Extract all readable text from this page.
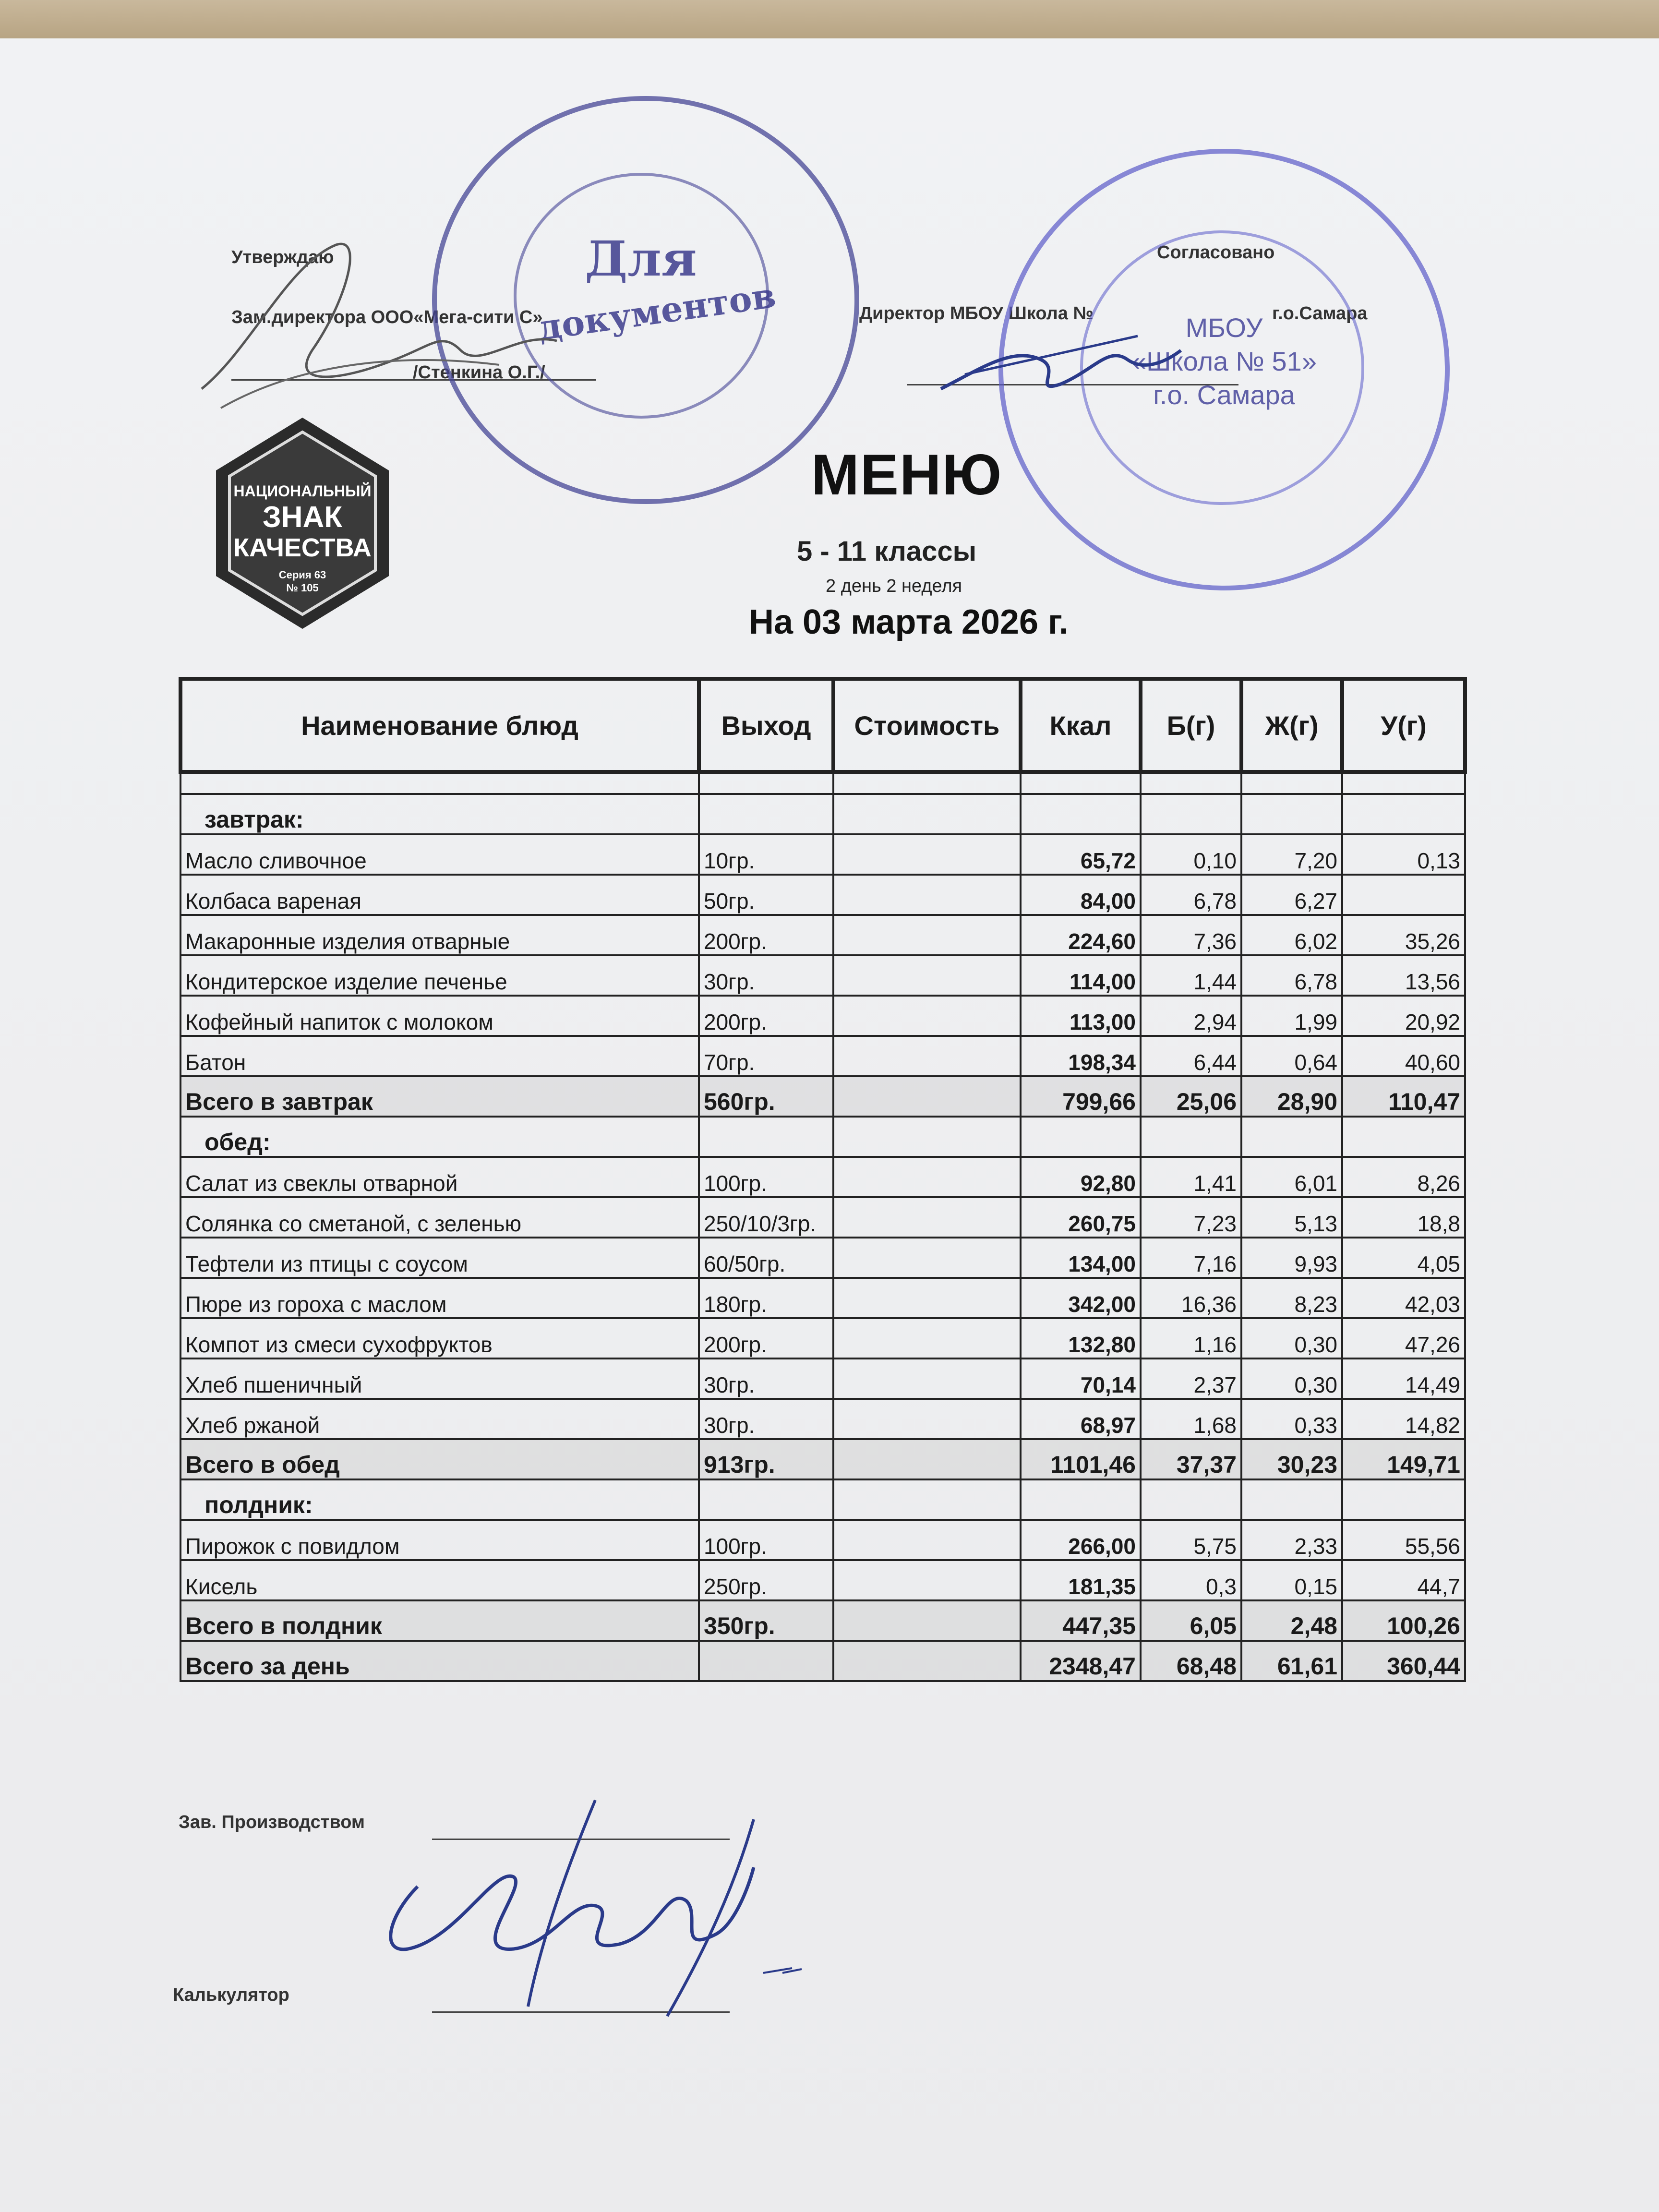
Утверждаю
Зам.директора ООО«Мега-сити С»
/Стенкина О.Г./
Согласовано
Директор МБОУ Школа №	г.о.Самара
Для
документов	МБОУ
«Школа № 51»
г.о. Самара
НАЦИОНАЛЬНЫЙ
ЗНАК
КАЧЕСТВА
Серия 63
№ 105
МЕНЮ
5 - 11 классы
2 день 2 неделя
На 03 марта 2026 г.
Наименование блюд	Выход	Стоимость	Ккал	Б(г)	Ж(г)	У(г)

завтрак:						
Масло сливочное	10гр.		65,72	0,10	7,20	0,13
Колбаса вареная	50гр.		84,00	6,78	6,27	
Макаронные изделия отварные	200гр.		224,60	7,36	6,02	35,26
Кондитерское изделие печенье	30гр.		114,00	1,44	6,78	13,56
Кофейный напиток с молоком	200гр.		113,00	2,94	1,99	20,92
Батон	70гр.		198,34	6,44	0,64	40,60
Всего в завтрак	560гр.		799,66	25,06	28,90	110,47
обед:						
Салат из свеклы отварной	100гр.		92,80	1,41	6,01	8,26
Солянка со сметаной, с зеленью	250/10/3гр.		260,75	7,23	5,13	18,8
Тефтели из птицы с соусом	60/50гр.		134,00	7,16	9,93	4,05
Пюре из гороха с маслом	180гр.		342,00	16,36	8,23	42,03
Компот из смеси сухофруктов	200гр.		132,80	1,16	0,30	47,26
Хлеб пшеничный	30гр.		70,14	2,37	0,30	14,49
Хлеб ржаной	30гр.		68,97	1,68	0,33	14,82
Всего в обед	913гр.		1101,46	37,37	30,23	149,71
полдник:						
Пирожок с повидлом	100гр.		266,00	5,75	2,33	55,56
Кисель	250гр.		181,35	0,3	0,15	44,7
Всего в полдник	350гр.		447,35	6,05	2,48	100,26
Всего за день			2348,47	68,48	61,61	360,44
Зав. Производством
Калькулятор
